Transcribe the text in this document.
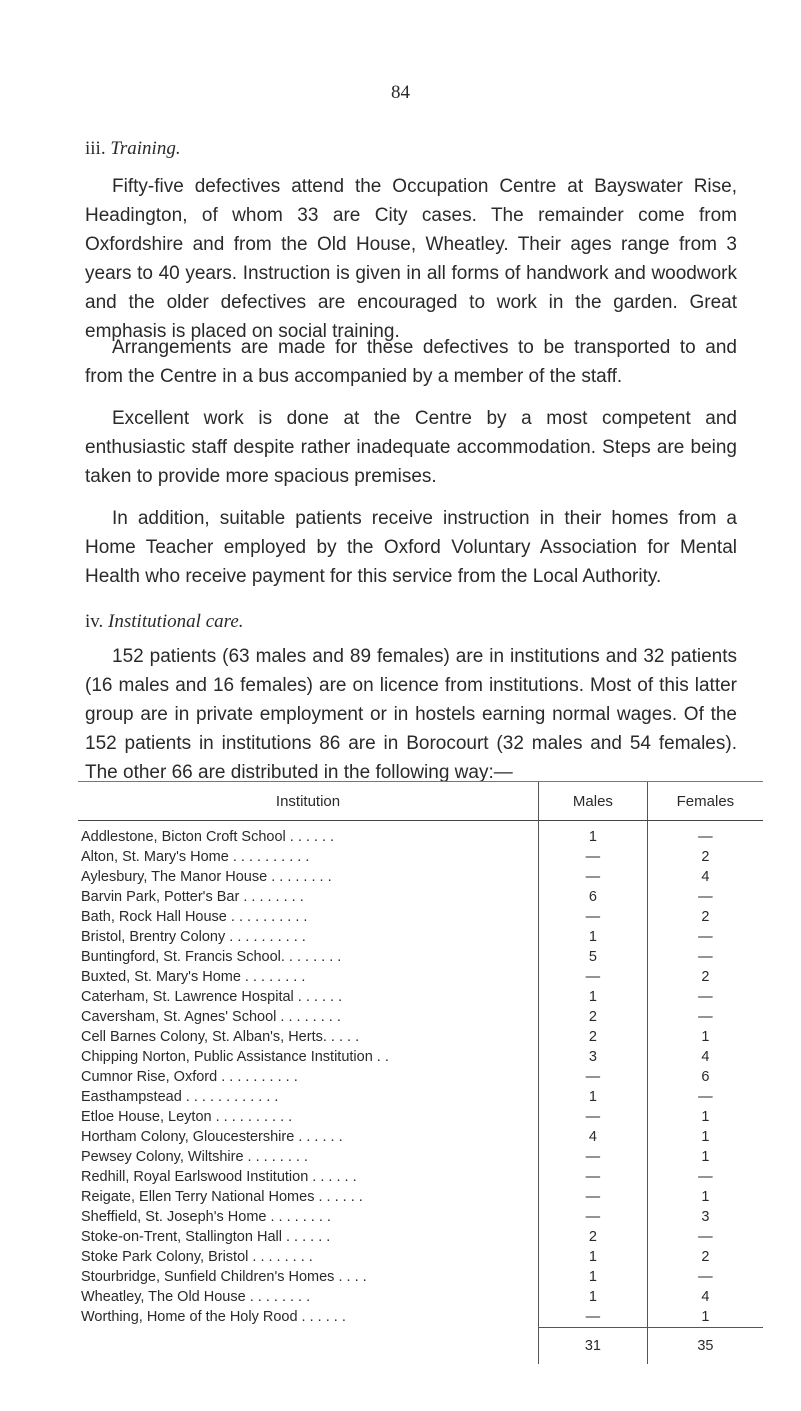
84
iii. Training.

Fifty-five defectives attend the Occupation Centre at Bayswater Rise, Headington, of whom 33 are City cases. The remainder come from Oxfordshire and from the Old House, Wheatley. Their ages range from 3 years to 40 years. Instruction is given in all forms of handwork and woodwork and the older defectives are encouraged to work in the garden. Great emphasis is placed on social training.

Arrangements are made for these defectives to be transported to and from the Centre in a bus accompanied by a member of the staff.

Excellent work is done at the Centre by a most competent and enthusiastic staff despite rather inadequate accommodation. Steps are being taken to provide more spacious premises.

In addition, suitable patients receive instruction in their homes from a Home Teacher employed by the Oxford Voluntary Association for Mental Health who receive payment for this service from the Local Authority.

iv. Institutional care.

152 patients (63 males and 89 females) are in institutions and 32 patients (16 males and 16 females) are on licence from institutions. Most of this latter group are in private employment or in hostels earning normal wages. Of the 152 patients in institutions 86 are in Borocourt (32 males and 54 females). The other 66 are distributed in the following way:—

Institution	Males	Females
Addlestone, Bicton Croft School . . . . . .	1	—
Alton, St. Mary's Home . . . . . . . . . .	—	2
Aylesbury, The Manor House . . . . . . . .	—	4
Barvin Park, Potter's Bar . . . . . . . .	6	—
Bath, Rock Hall House . . . . . . . . . .	—	2
Bristol, Brentry Colony . . . . . . . . . .	1	—
Buntingford, St. Francis School. . . . . . . .	5	—
Buxted, St. Mary's Home . . . . . . . .	—	2
Caterham, St. Lawrence Hospital . . . . . .	1	—
Caversham, St. Agnes' School . . . . . . . .	2	—
Cell Barnes Colony, St. Alban's, Herts. . . . .	2	1
Chipping Norton, Public Assistance Institution . .	3	4
Cumnor Rise, Oxford . . . . . . . . . .	—	6
Easthampstead . . . . . . . . . . . .	1	—
Etloe House, Leyton . . . . . . . . . .	—	1
Hortham Colony, Gloucestershire . . . . . .	4	1
Pewsey Colony, Wiltshire . . . . . . . .	—	1
Redhill, Royal Earlswood Institution . . . . . .	—	—
Reigate, Ellen Terry National Homes . . . . . .	—	1
Sheffield, St. Joseph's Home . . . . . . . .	—	3
Stoke-on-Trent, Stallington Hall . . . . . .	2	—
Stoke Park Colony, Bristol . . . . . . . .	1	2
Stourbridge, Sunfield Children's Homes . . . .	1	—
Wheatley, The Old House . . . . . . . .	1	4
Worthing, Home of the Holy Rood . . . . . .	—	1
	31	35
